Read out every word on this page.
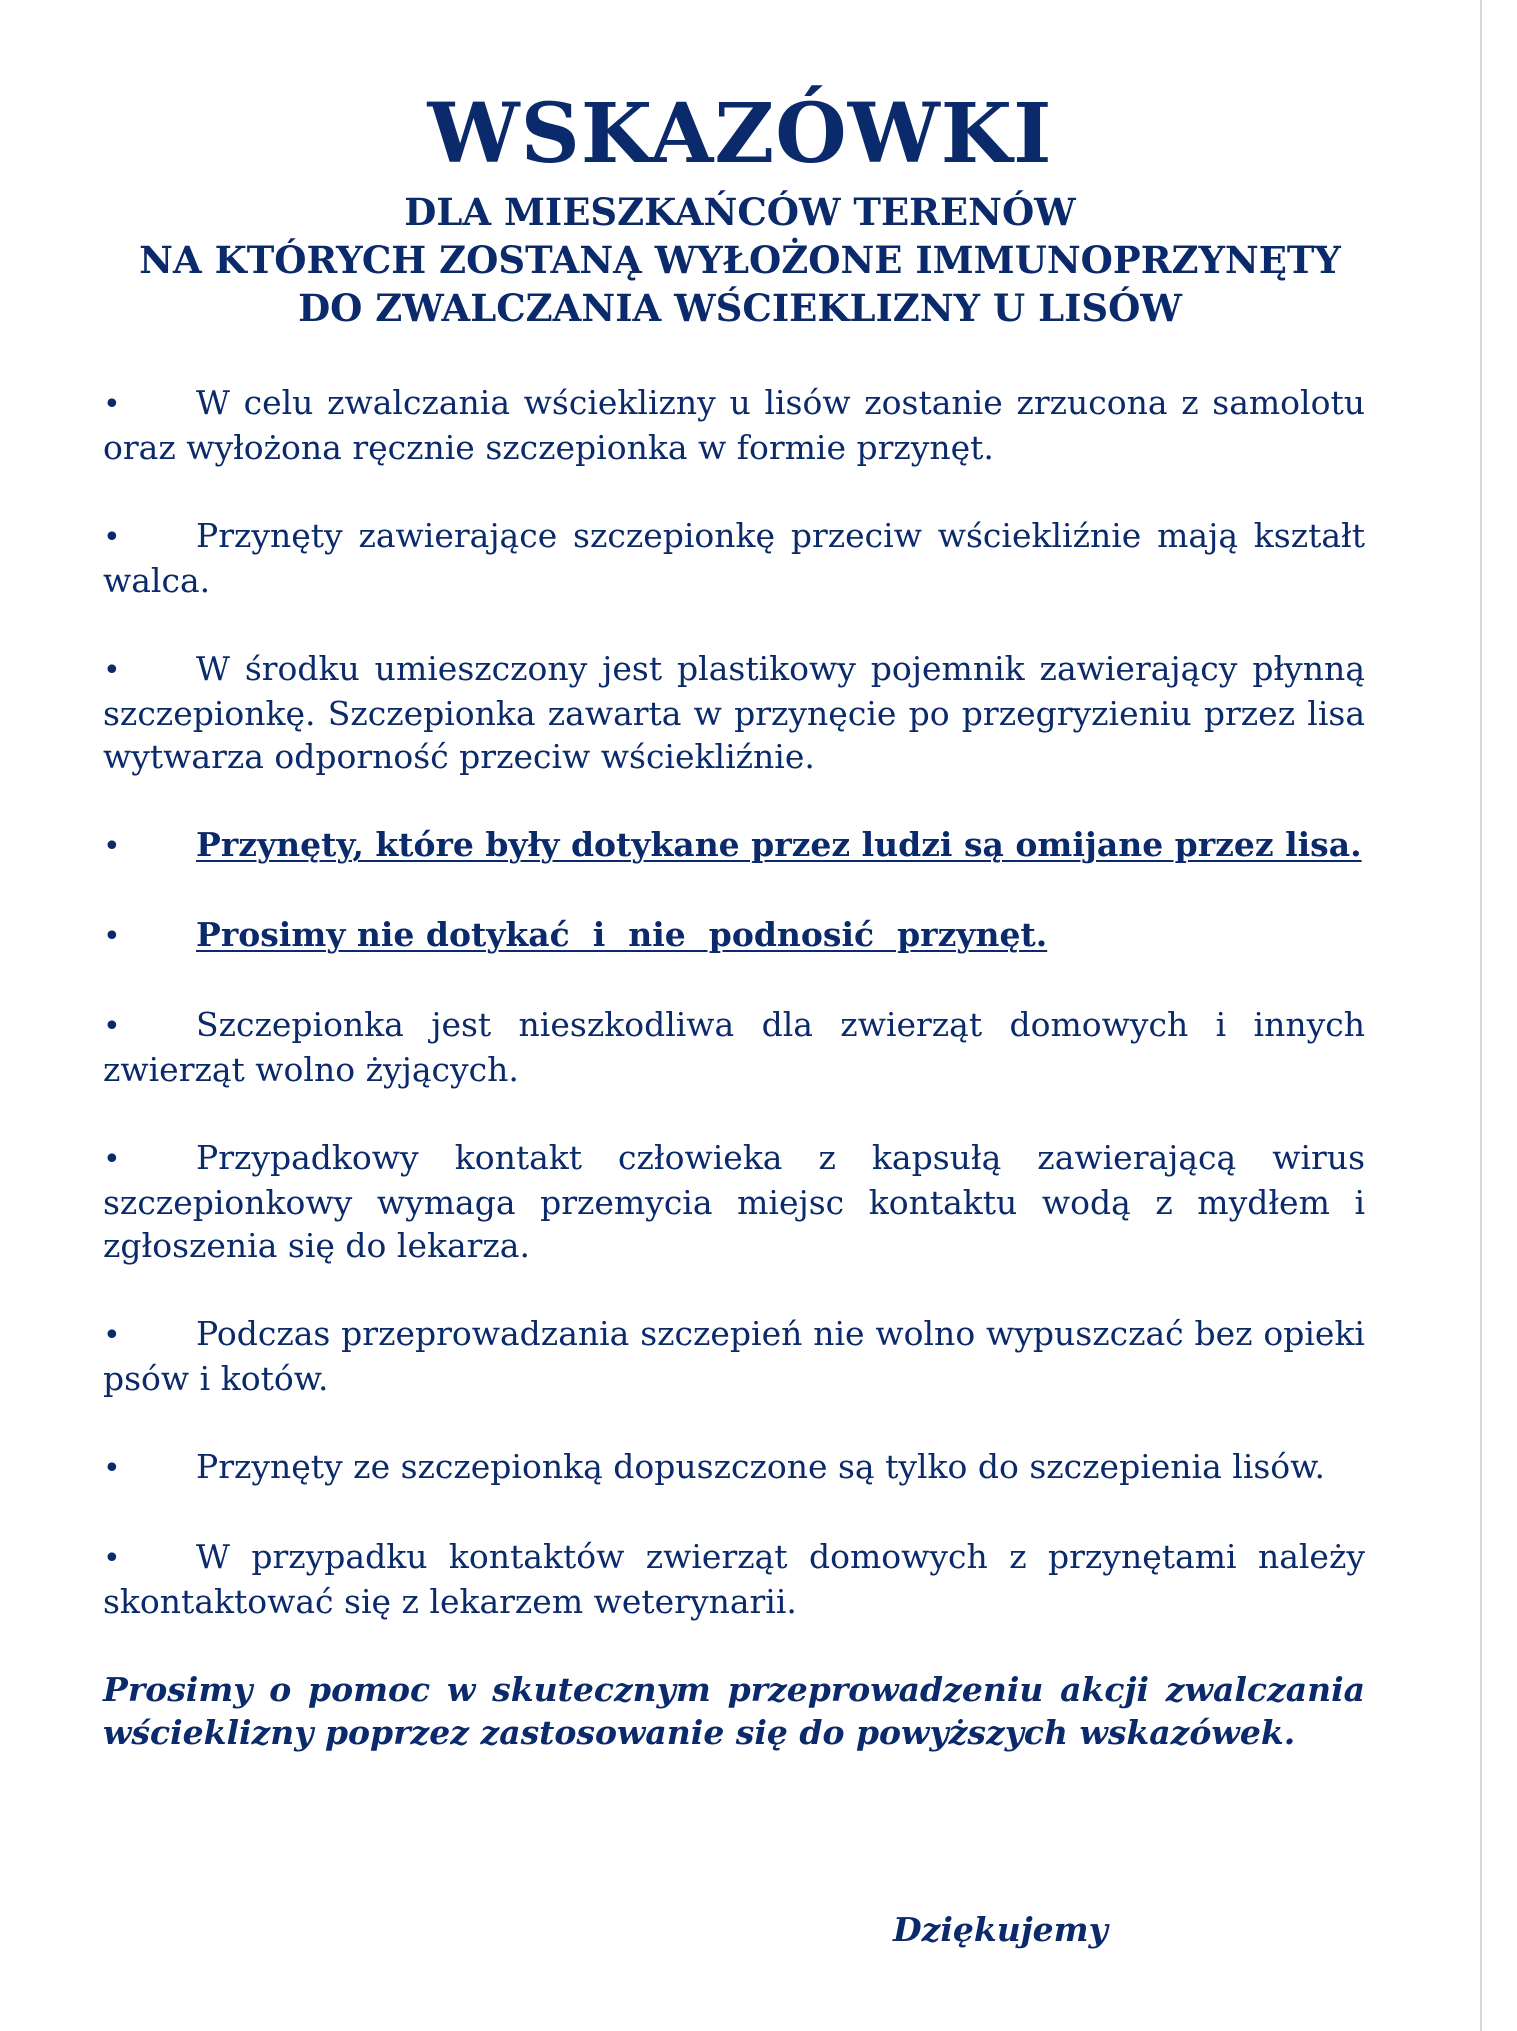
WSKAZÓWKI
DLA MIESZKAŃCÓW TERENÓW
NA KTÓRYCH ZOSTANĄ WYŁOŻONE IMMUNOPRZYNĘTY
DO ZWALCZANIA WŚCIEKLIZNY U LISÓW
• W celu zwalczania wścieklizny u lisów zostanie zrzucona z samolotu oraz wyłożona ręcznie szczepionka w formie przynęt.
• Przynęty zawierające szczepionkę przeciw wściekliźnie mają kształt walca.
• W środku umieszczony jest plastikowy pojemnik zawierający płynną szczepionkę. Szczepionka zawarta w przynęcie po przegryzieniu przez lisa wytwarza odporność przeciw wściekliźnie.
• Przynęty, które były dotykane przez ludzi są omijane przez lisa.
• Prosimy nie dotykać  i  nie  podnosić  przynęt.
• Szczepionka jest nieszkodliwa dla zwierząt domowych i innych zwierząt wolno żyjących.
• Przypadkowy kontakt człowieka z kapsułą zawierającą wirus szczepionkowy wymaga przemycia miejsc kontaktu wodą z mydłem i zgłoszenia się do lekarza.
• Podczas przeprowadzania szczepień nie wolno wypuszczać bez opieki psów i kotów.
• Przynęty ze szczepionką dopuszczone są tylko do szczepienia lisów.
• W przypadku kontaktów zwierząt domowych z przynętami należy skontaktować się z lekarzem weterynarii.
Prosimy o pomoc w skutecznym przeprowadzeniu akcji zwalczania wścieklizny poprzez zastosowanie się do powyższych wskazówek.
Dziękujemy
